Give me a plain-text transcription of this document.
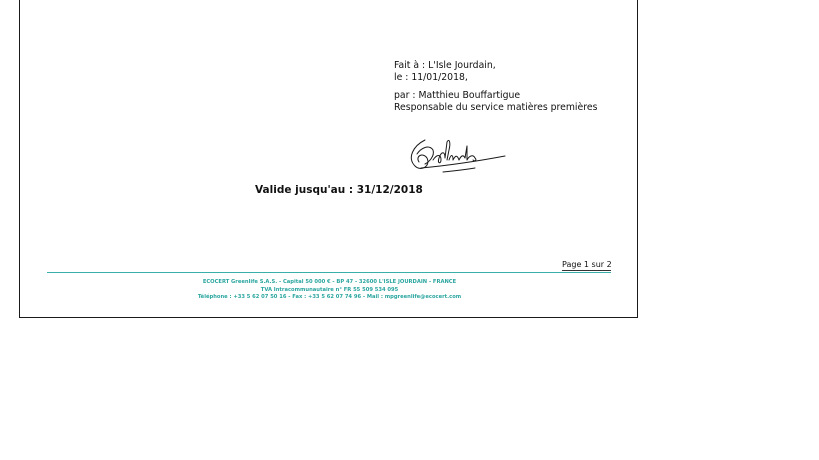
Fait à : L'Isle Jourdain,
le : 11/01/2018,
par : Matthieu Bouffartigue
Responsable du service matières premières
Valide jusqu'au : 31/12/2018
Page 1 sur 2
ECOCERT Greenlife S.A.S. - Capital 50 000 € - BP 47 - 32600 L'ISLE JOURDAIN - FRANCE
TVA Intracommunautaire n° FR 55 509 534 095
Téléphone : +33 5 62 07 50 16 - Fax : +33 5 62 07 74 96 - Mail : mpgreenlife@ecocert.com
